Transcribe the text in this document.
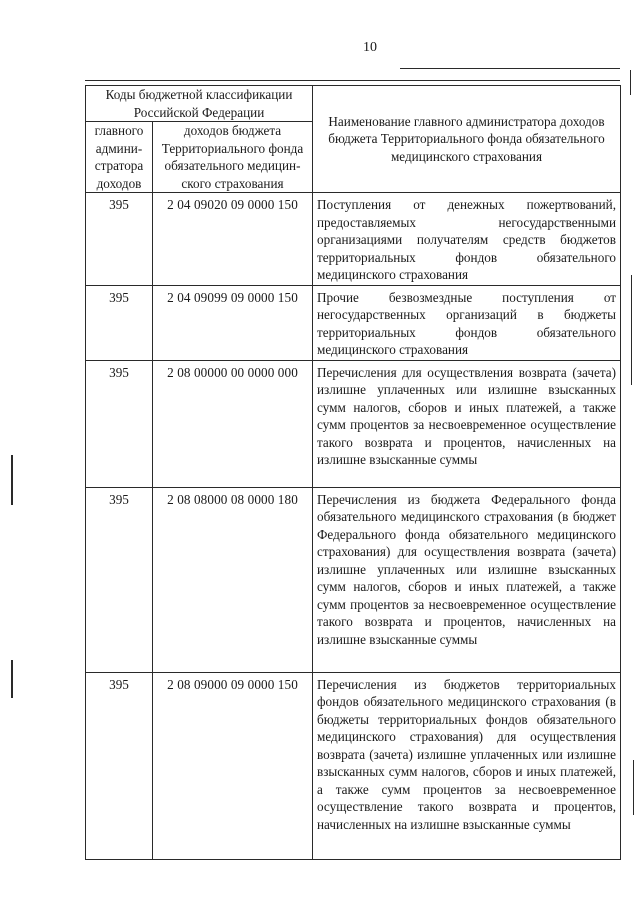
10
Коды бюджетной классификации Российской Федерации		Наименование главного администратора доходов бюджета Территориального фонда обязательного медицинского страхования
главного админи-стратора доходов	доходов бюджета Территориального фонда обязательного медицин-ского страхования	
395	2 04 09020 09 0000 150	Поступления от денежных пожертвований, предоставляемых негосударственными организациями получателям средств бюджетов территориальных фондов обязательного медицинского страхования
395	2 04 09099 09 0000 150	Прочие безвозмездные поступления от негосударственных организаций в бюджеты территориальных фондов обязательного медицинского страхования
395	2 08 00000 00 0000 000	Перечисления для осуществления возврата (зачета) излишне уплаченных или излишне взысканных сумм налогов, сборов и иных платежей, а также сумм процентов за несвоевременное осуществление такого возврата и процентов, начисленных на излишне взысканные суммы
395	2 08 08000 08 0000 180	Перечисления из бюджета Федерального фонда обязательного медицинского страхования (в бюджет Федерального фонда обязательного медицинского страхования) для осуществления возврата (зачета) излишне уплаченных или излишне взысканных сумм налогов, сборов и иных платежей, а также сумм процентов за несвоевременное осуществление такого возврата и процентов, начисленных на излишне взысканные суммы
395	2 08 09000 09 0000 150	Перечисления из бюджетов территориальных фондов обязательного медицинского страхования (в бюджеты территориальных фондов обязательного медицинского страхования) для осуществления возврата (зачета) излишне уплаченных или излишне взысканных сумм налогов, сборов и иных платежей, а также сумм процентов за несвоевременное осуществление такого возврата и процентов, начисленных на излишне взысканные суммы
